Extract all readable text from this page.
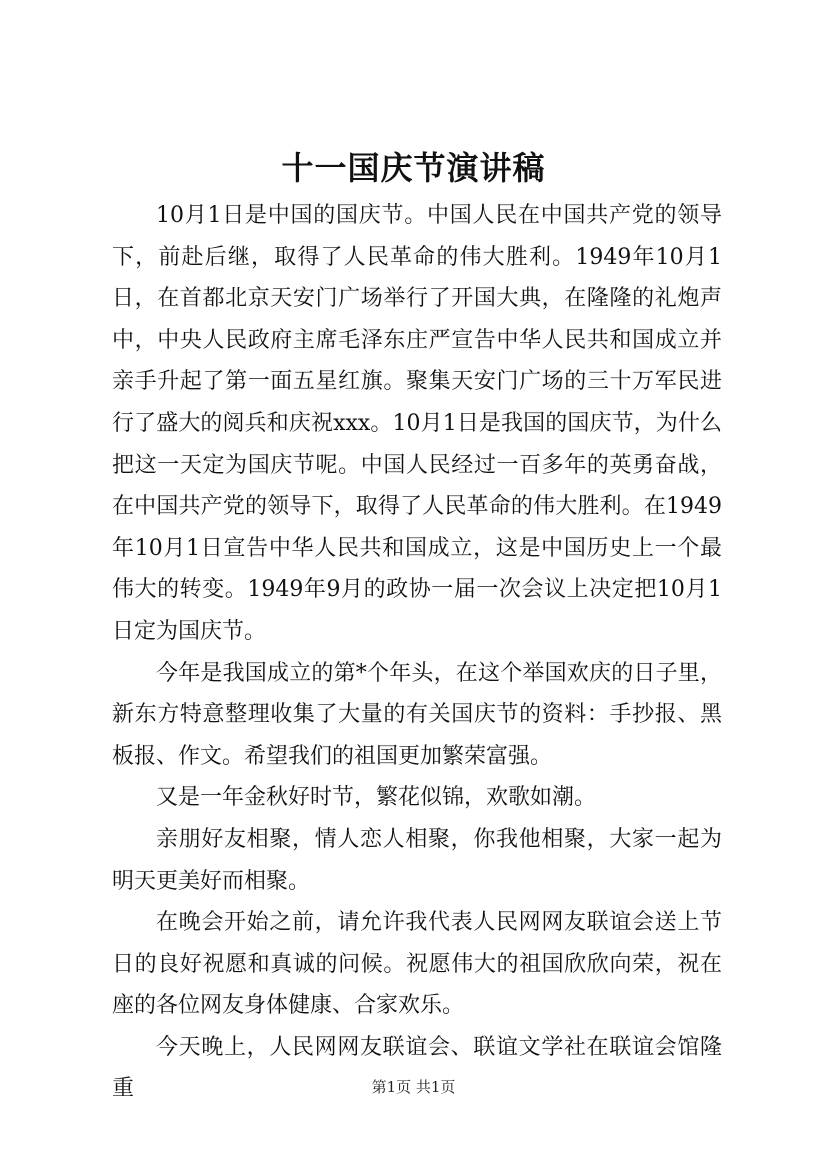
十一国庆节演讲稿

10月1日是中国的国庆节。中国人民在中国共产党的领导下，前赴后继，取得了人民革命的伟大胜利。1949年10月1日，在首都北京天安门广场举行了开国大典，在隆隆的礼炮声中，中央人民政府主席毛泽东庄严宣告中华人民共和国成立并亲手升起了第一面五星红旗。聚集天安门广场的三十万军民进行了盛大的阅兵和庆祝xxx。10月1日是我国的国庆节，为什么把这一天定为国庆节呢。中国人民经过一百多年的英勇奋战，在中国共产党的领导下，取得了人民革命的伟大胜利。在1949年10月1日宣告中华人民共和国成立，这是中国历史上一个最伟大的转变。1949年9月的政协一届一次会议上决定把10月1日定为国庆节。

今年是我国成立的第*个年头，在这个举国欢庆的日子里，新东方特意整理收集了大量的有关国庆节的资料：手抄报、黑板报、作文。希望我们的祖国更加繁荣富强。

又是一年金秋好时节，繁花似锦，欢歌如潮。

亲朋好友相聚，情人恋人相聚，你我他相聚，大家一起为明天更美好而相聚。

在晚会开始之前，请允许我代表人民网网友联谊会送上节日的良好祝愿和真诚的问候。祝愿伟大的祖国欣欣向荣，祝在座的各位网友身体健康、合家欢乐。

今天晚上，人民网网友联谊会、联谊文学社在联谊会馆隆重	第1页 共1页
